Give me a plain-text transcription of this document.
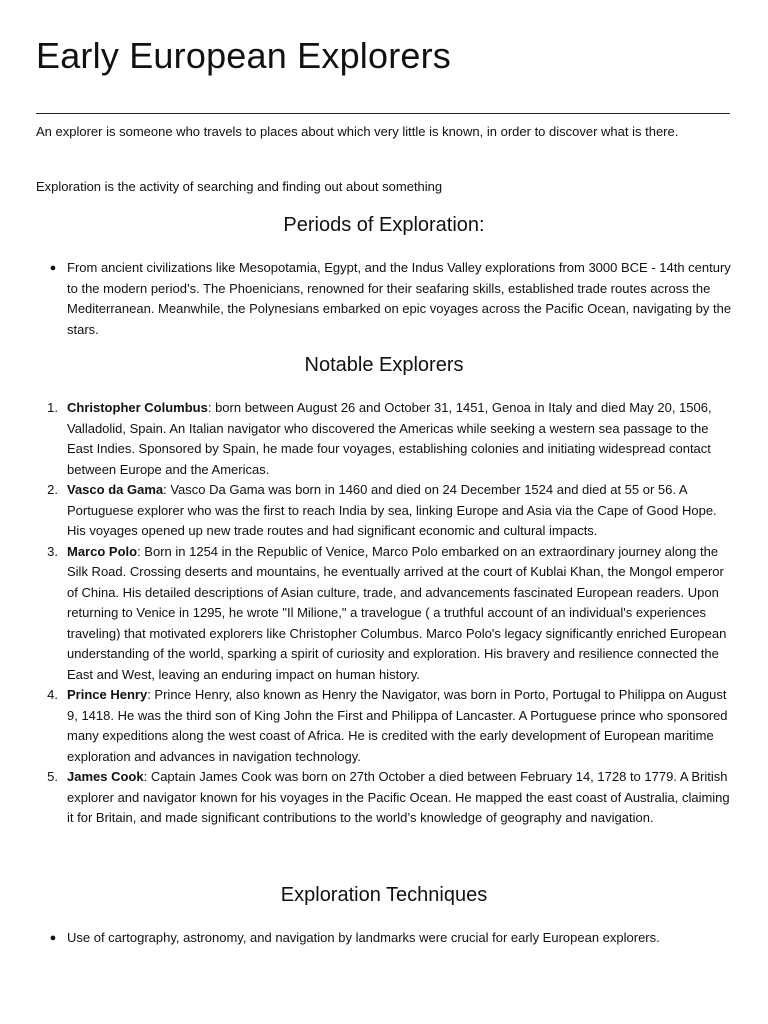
Early European Explorers

An explorer is someone who travels to places about which very little is known, in order to discover what is there.

Exploration is the activity of searching and finding out about something

Periods of Exploration:
● From ancient civilizations like Mesopotamia, Egypt, and the Indus Valley explorations from 3000 BCE - 14th century to the modern period’s. The Phoenicians, renowned for their seafaring skills, established trade routes across the Mediterranean. Meanwhile, the Polynesians embarked on epic voyages across the Pacific Ocean, navigating by the stars.
Notable Explorers
1. Christopher Columbus: born between August 26 and October 31, 1451, Genoa in Italy and died May 20, 1506, Valladolid, Spain. An Italian navigator who discovered the Americas while seeking a western sea passage to the East Indies. Sponsored by Spain, he made four voyages, establishing colonies and initiating widespread contact between Europe and the Americas.
2. Vasco da Gama: Vasco Da Gama was born in 1460 and died on 24 December 1524 and died at 55 or 56. A Portuguese explorer who was the first to reach India by sea, linking Europe and Asia via the Cape of Good Hope. His voyages opened up new trade routes and had significant economic and cultural impacts.
3. Marco Polo: Born in 1254 in the Republic of Venice, Marco Polo embarked on an extraordinary journey along the Silk Road. Crossing deserts and mountains, he eventually arrived at the court of Kublai Khan, the Mongol emperor of China. His detailed descriptions of Asian culture, trade, and advancements fascinated European readers. Upon returning to Venice in 1295, he wrote "Il Milione," a travelogue ( a truthful account of an individual's experiences traveling) that motivated explorers like Christopher Columbus. Marco Polo's legacy significantly enriched European understanding of the world, sparking a spirit of curiosity and exploration. His bravery and resilience connected the East and West, leaving an enduring impact on human history.
4. Prince Henry: Prince Henry, also known as Henry the Navigator, was born in Porto, Portugal to Philippa on August 9, 1418. He was the third son of King John the First and Philippa of Lancaster. A Portuguese prince who sponsored many expeditions along the west coast of Africa. He is credited with the early development of European maritime exploration and advances in navigation technology.
5. James Cook: Captain James Cook was born on 27th October a died between February 14, 1728 to 1779. A British explorer and navigator known for his voyages in the Pacific Ocean. He mapped the east coast of Australia, claiming it for Britain, and made significant contributions to the world’s knowledge of geography and navigation.
Exploration Techniques
● Use of cartography, astronomy, and navigation by landmarks were crucial for early European explorers.
